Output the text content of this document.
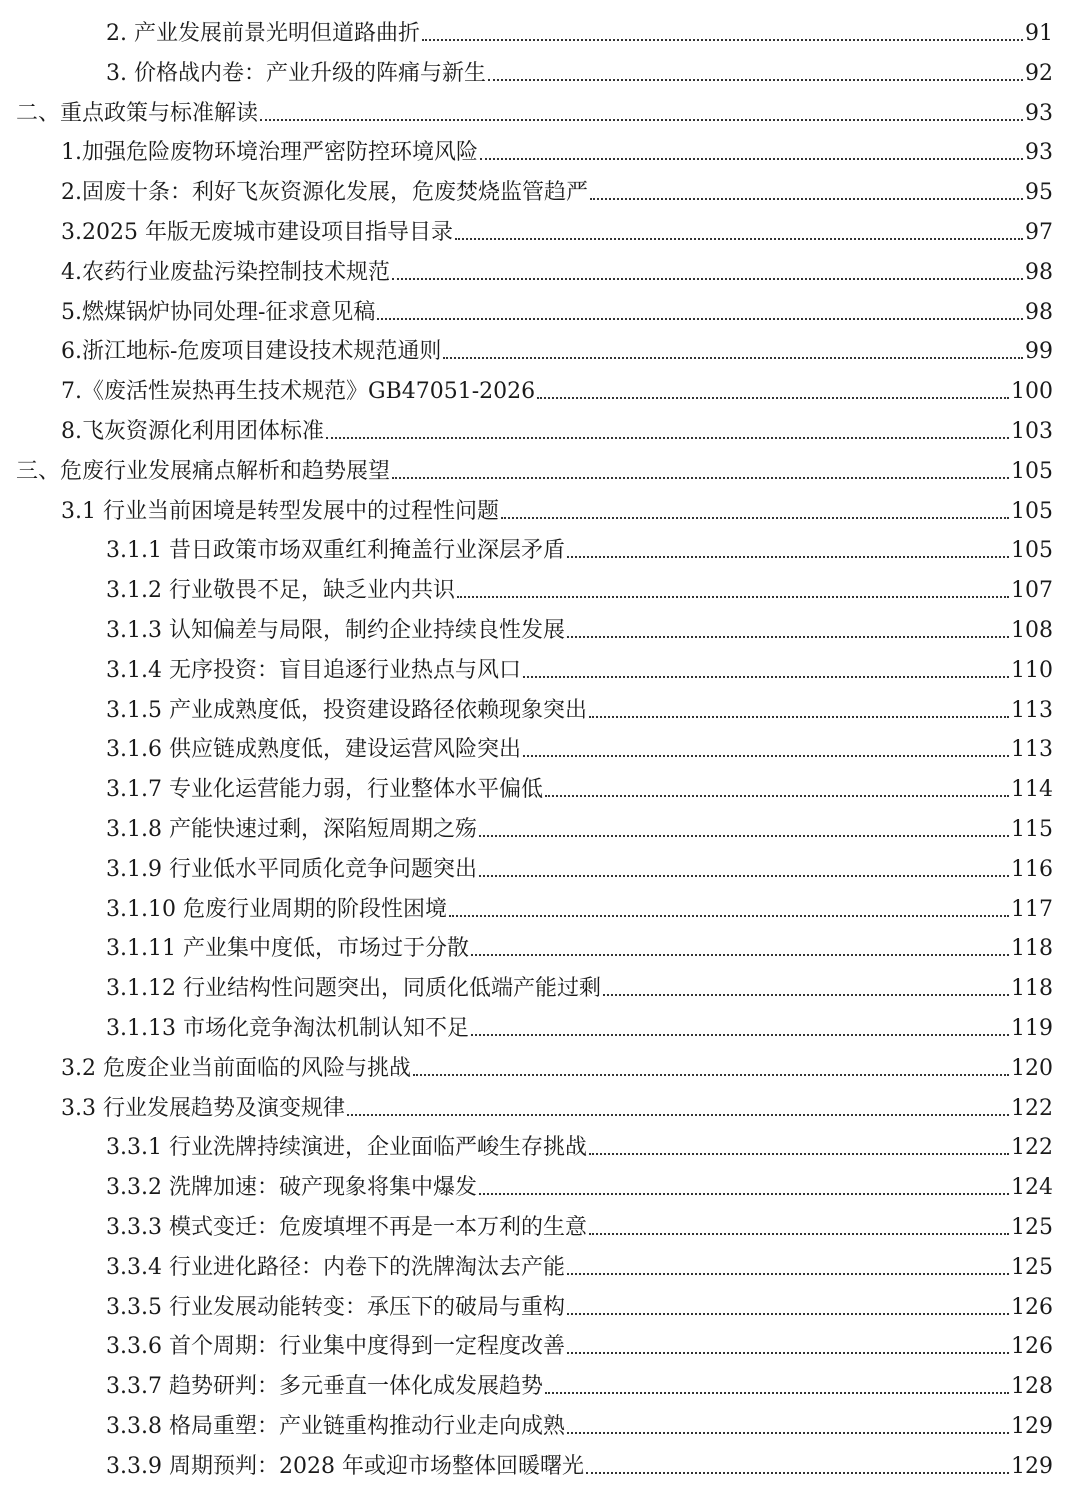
2. 产业发展前景光明但道路曲折	91
3. 价格战内卷：产业升级的阵痛与新生	92
二、重点政策与标准解读	93
1.加强危险废物环境治理严密防控环境风险	93
2.固废十条：利好飞灰资源化发展，危废焚烧监管趋严	95
3.2025 年版无废城市建设项目指导目录	97
4.农药行业废盐污染控制技术规范	98
5.燃煤锅炉协同处理-征求意见稿	98
6.浙江地标-危废项目建设技术规范通则	99
7.《废活性炭热再生技术规范》GB47051-2026	100
8.飞灰资源化利用团体标准	103
三、危废行业发展痛点解析和趋势展望	105
3.1 行业当前困境是转型发展中的过程性问题	105
3.1.1 昔日政策市场双重红利掩盖行业深层矛盾	105
3.1.2 行业敬畏不足，缺乏业内共识	107
3.1.3 认知偏差与局限，制约企业持续良性发展	108
3.1.4 无序投资：盲目追逐行业热点与风口	110
3.1.5 产业成熟度低，投资建设路径依赖现象突出	113
3.1.6 供应链成熟度低，建设运营风险突出	113
3.1.7 专业化运营能力弱，行业整体水平偏低	114
3.1.8 产能快速过剩，深陷短周期之殇	115
3.1.9 行业低水平同质化竞争问题突出	116
3.1.10 危废行业周期的阶段性困境	117
3.1.11 产业集中度低，市场过于分散	118
3.1.12 行业结构性问题突出，同质化低端产能过剩	118
3.1.13 市场化竞争淘汰机制认知不足	119
3.2 危废企业当前面临的风险与挑战	120
3.3 行业发展趋势及演变规律	122
3.3.1 行业洗牌持续演进，企业面临严峻生存挑战	122
3.3.2 洗牌加速：破产现象将集中爆发	124
3.3.3 模式变迁：危废填埋不再是一本万利的生意	125
3.3.4 行业进化路径：内卷下的洗牌淘汰去产能	125
3.3.5 行业发展动能转变：承压下的破局与重构	126
3.3.6 首个周期：行业集中度得到一定程度改善	126
3.3.7 趋势研判：多元垂直一体化成发展趋势	128
3.3.8 格局重塑：产业链重构推动行业走向成熟	129
3.3.9 周期预判：2028 年或迎市场整体回暖曙光	129
